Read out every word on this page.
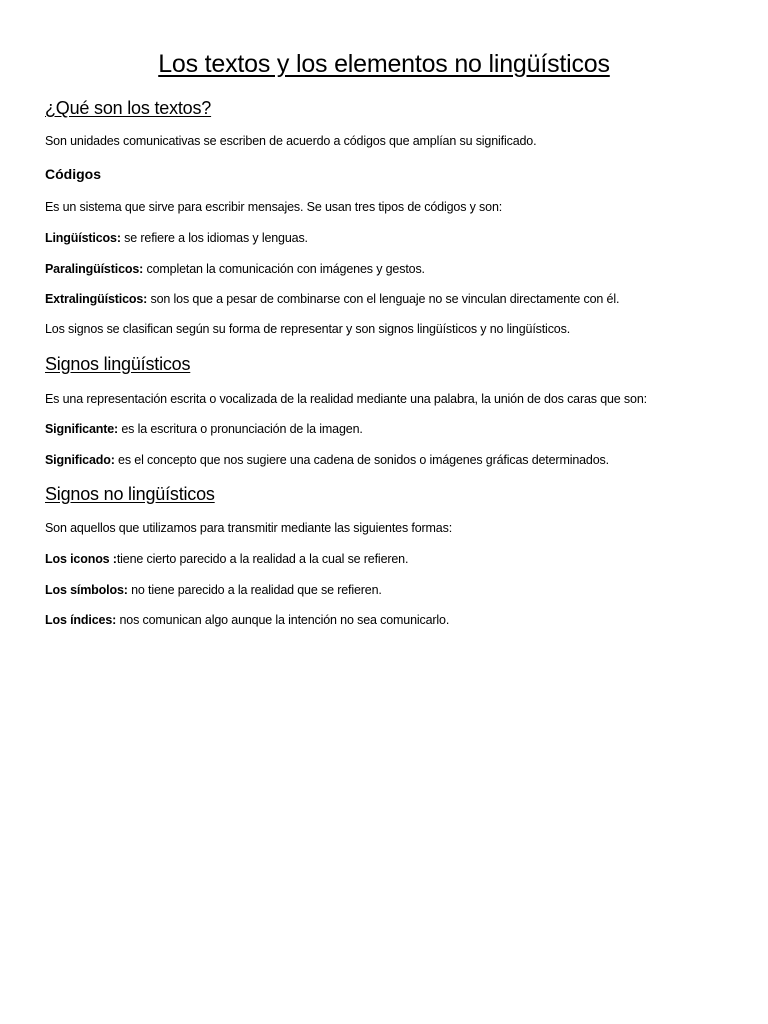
Los textos y los elementos no lingüísticos
¿Qué son los textos?

Son unidades comunicativas se escriben de acuerdo a códigos que amplían su significado.

Códigos

Es un sistema que sirve para escribir mensajes. Se usan tres tipos de códigos y son:

Lingüísticos: se refiere a los idiomas y lenguas.

Paralingüísticos: completan la comunicación con imágenes y gestos.

Extralingüísticos: son los que a pesar de combinarse con el lenguaje no se vinculan directamente con él.

Los signos se clasifican según su forma de representar y son signos lingüísticos y no lingüísticos.

Signos lingüísticos

Es una representación escrita o vocalizada de la realidad mediante una palabra, la unión de dos caras que son:

Significante: es la escritura o pronunciación de la imagen.

Significado: es el concepto que nos sugiere una cadena de sonidos o imágenes gráficas determinados.

Signos no lingüísticos

Son aquellos que utilizamos para transmitir mediante las siguientes formas:

Los iconos :tiene cierto parecido a la realidad a la cual se refieren.

Los símbolos: no tiene parecido a la realidad que se refieren.

Los índices: nos comunican algo aunque la intención no sea comunicarlo.
